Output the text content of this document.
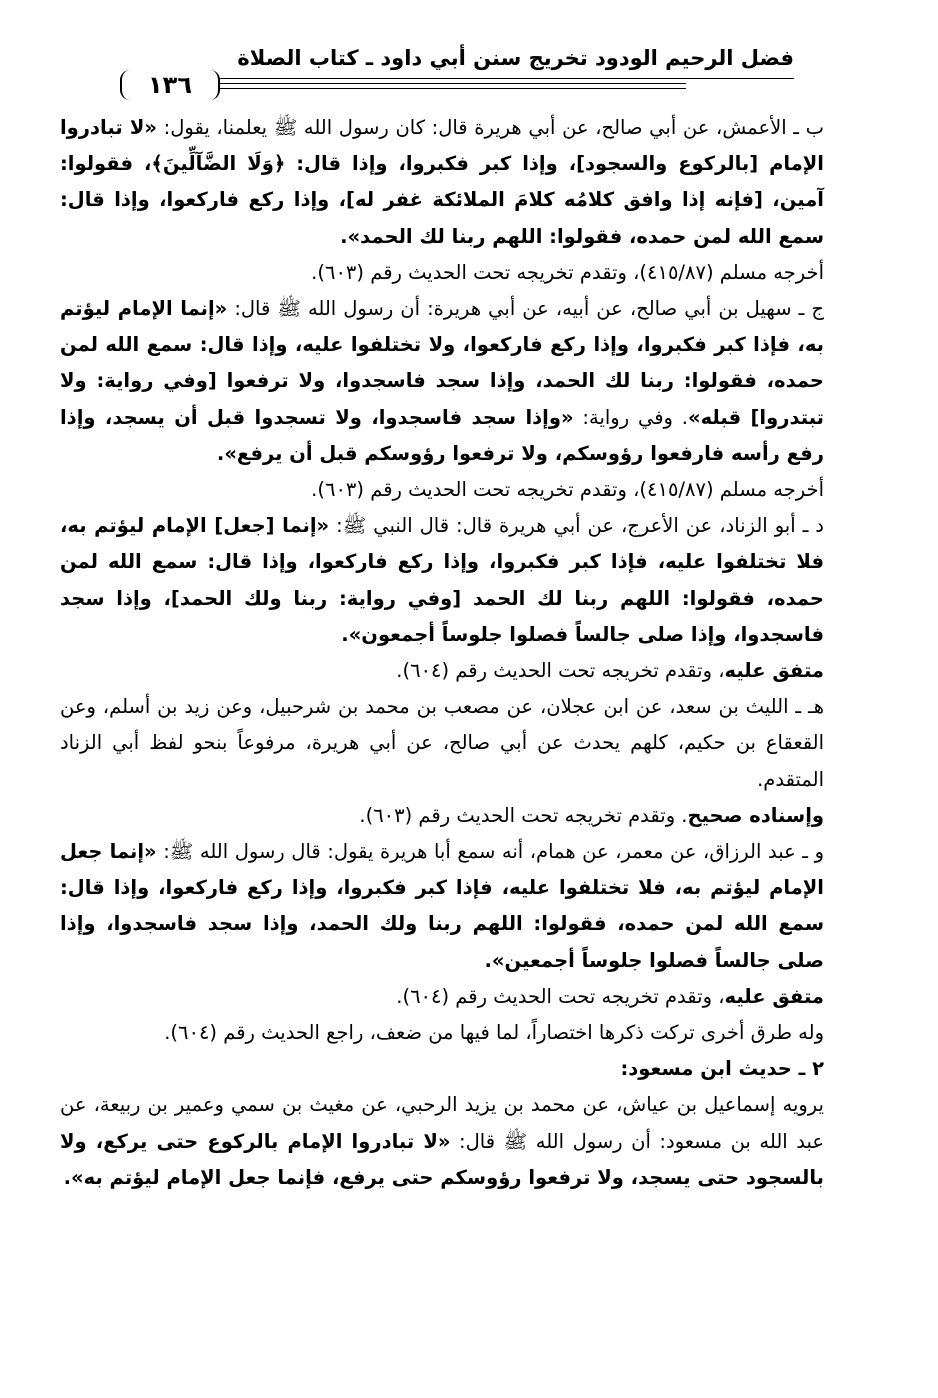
فضل الرحيم الودود تخريج سنن أبي داود ـ كتاب الصلاة
١٣٦

ب ـ الأعمش، عن أبي صالح، عن أبي هريرة قال: كان رسول الله ﷺ يعلمنا، يقول: «لا تبادروا الإمام [بالركوع والسجود]، وإذا كبر فكبروا، وإذا قال: ﴿وَلَا الضَّآلِّينَ﴾، فقولوا: آمين، [فإنه إذا وافق كلامُه كلامَ الملائكة غفر له]، وإذا ركع فاركعوا، وإذا قال: سمع الله لمن حمده، فقولوا: اللهم ربنا لك الحمد».

أخرجه مسلم (٤١٥/٨٧)، وتقدم تخريجه تحت الحديث رقم (٦٠٣).

ج ـ سهيل بن أبي صالح، عن أبيه، عن أبي هريرة: أن رسول الله ﷺ قال: «إنما الإمام ليؤتم به، فإذا كبر فكبروا، وإذا ركع فاركعوا، ولا تختلفوا عليه، وإذا قال: سمع الله لمن حمده، فقولوا: ربنا لك الحمد، وإذا سجد فاسجدوا، ولا ترفعوا [وفي رواية: ولا تبتدروا] قبله». وفي رواية: «وإذا سجد فاسجدوا، ولا تسجدوا قبل أن يسجد، وإذا رفع رأسه فارفعوا رؤوسكم، ولا ترفعوا رؤوسكم قبل أن يرفع».

أخرجه مسلم (٤١٥/٨٧)، وتقدم تخريجه تحت الحديث رقم (٦٠٣).

د ـ أبو الزناد، عن الأعرج، عن أبي هريرة قال: قال النبي ﷺ: «إنما [جعل] الإمام ليؤتم به، فلا تختلفوا عليه، فإذا كبر فكبروا، وإذا ركع فاركعوا، وإذا قال: سمع الله لمن حمده، فقولوا: اللهم ربنا لك الحمد [وفي رواية: ربنا ولك الحمد]، وإذا سجد فاسجدوا، وإذا صلى جالساً فصلوا جلوساً أجمعون».

متفق عليه، وتقدم تخريجه تحت الحديث رقم (٦٠٤).

هـ ـ الليث بن سعد، عن ابن عجلان، عن مصعب بن محمد بن شرحبيل، وعن زيد بن أسلم، وعن القعقاع بن حكيم، كلهم يحدث عن أبي صالح، عن أبي هريرة، مرفوعاً بنحو لفظ أبي الزناد المتقدم.

وإسناده صحيح. وتقدم تخريجه تحت الحديث رقم (٦٠٣).

و ـ عبد الرزاق، عن معمر، عن همام، أنه سمع أبا هريرة يقول: قال رسول الله ﷺ: «إنما جعل الإمام ليؤتم به، فلا تختلفوا عليه، فإذا كبر فكبروا، وإذا ركع فاركعوا، وإذا قال: سمع الله لمن حمده، فقولوا: اللهم ربنا ولك الحمد، وإذا سجد فاسجدوا، وإذا صلى جالساً فصلوا جلوساً أجمعين».

متفق عليه، وتقدم تخريجه تحت الحديث رقم (٦٠٤).

وله طرق أخرى تركت ذكرها اختصاراً، لما فيها من ضعف، راجع الحديث رقم (٦٠٤).

٢ ـ حديث ابن مسعود:

يرويه إسماعيل بن عياش، عن محمد بن يزيد الرحبي، عن مغيث بن سمي وعمير بن ربيعة، عن عبد الله بن مسعود: أن رسول الله ﷺ قال: «لا تبادروا الإمام بالركوع حتى يركع، ولا بالسجود حتى يسجد، ولا ترفعوا رؤوسكم حتى يرفع، فإنما جعل الإمام ليؤتم به».
